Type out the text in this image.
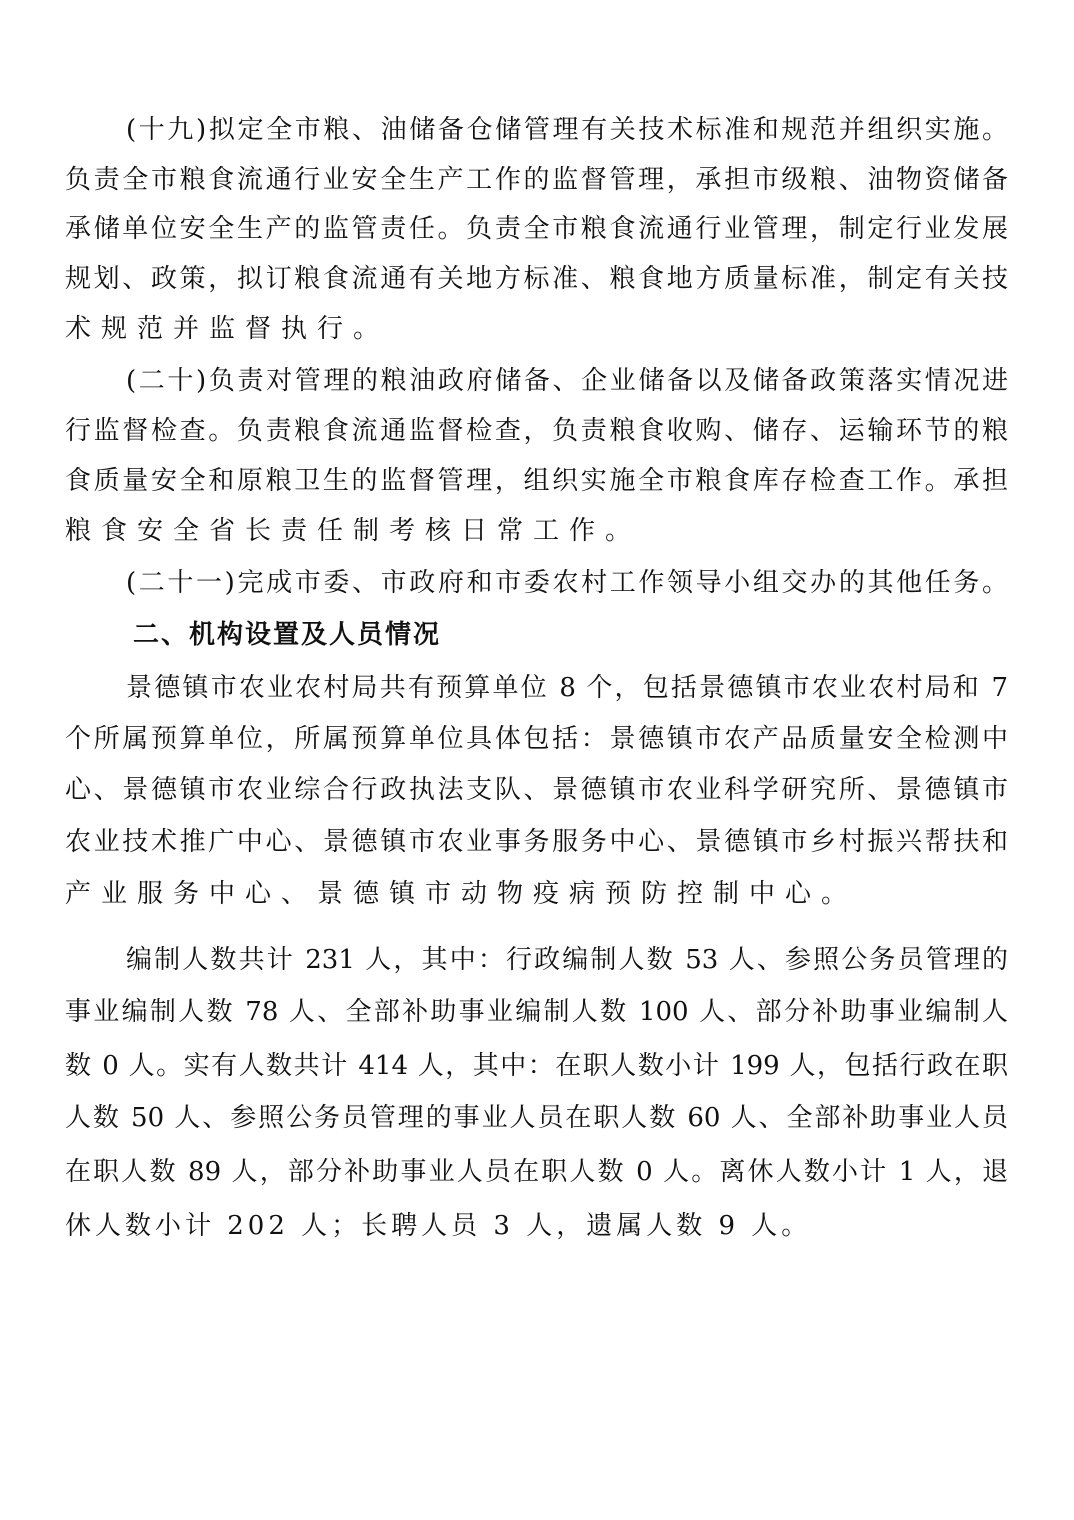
(十九)拟定全市粮、油储备仓储管理有关技术标准和规范并组织实施。
负责全市粮食流通行业安全生产工作的监督管理，承担市级粮、油物资储备
承储单位安全生产的监管责任。负责全市粮食流通行业管理，制定行业发展
规划、政策，拟订粮食流通有关地方标准、粮食地方质量标准，制定有关技
术规范并监督执行。
(二十)负责对管理的粮油政府储备、企业储备以及储备政策落实情况进
行监督检查。负责粮食流通监督检查，负责粮食收购、储存、运输环节的粮
食质量安全和原粮卫生的监督管理，组织实施全市粮食库存检查工作。承担
粮食安全省长责任制考核日常工作。
(二十一)完成市委、市政府和市委农村工作领导小组交办的其他任务。
二、机构设置及人员情况
景德镇市农业农村局共有预算单位 8 个，包括景德镇市农业农村局和 7
个所属预算单位，所属预算单位具体包括：景德镇市农产品质量安全检测中
心、景德镇市农业综合行政执法支队、景德镇市农业科学研究所、景德镇市
农业技术推广中心、景德镇市农业事务服务中心、景德镇市乡村振兴帮扶和
产业服务中心、景德镇市动物疫病预防控制中心。
编制人数共计 231 人，其中：行政编制人数 53 人、参照公务员管理的
事业编制人数 78 人、全部补助事业编制人数 100 人、部分补助事业编制人
数 0 人。实有人数共计 414 人，其中：在职人数小计 199 人，包括行政在职
人数 50 人、参照公务员管理的事业人员在职人数 60 人、全部补助事业人员
在职人数 89 人，部分补助事业人员在职人数 0 人。离休人数小计 1 人，退
休人数小计 202 人；长聘人员 3 人，遗属人数 9 人。
